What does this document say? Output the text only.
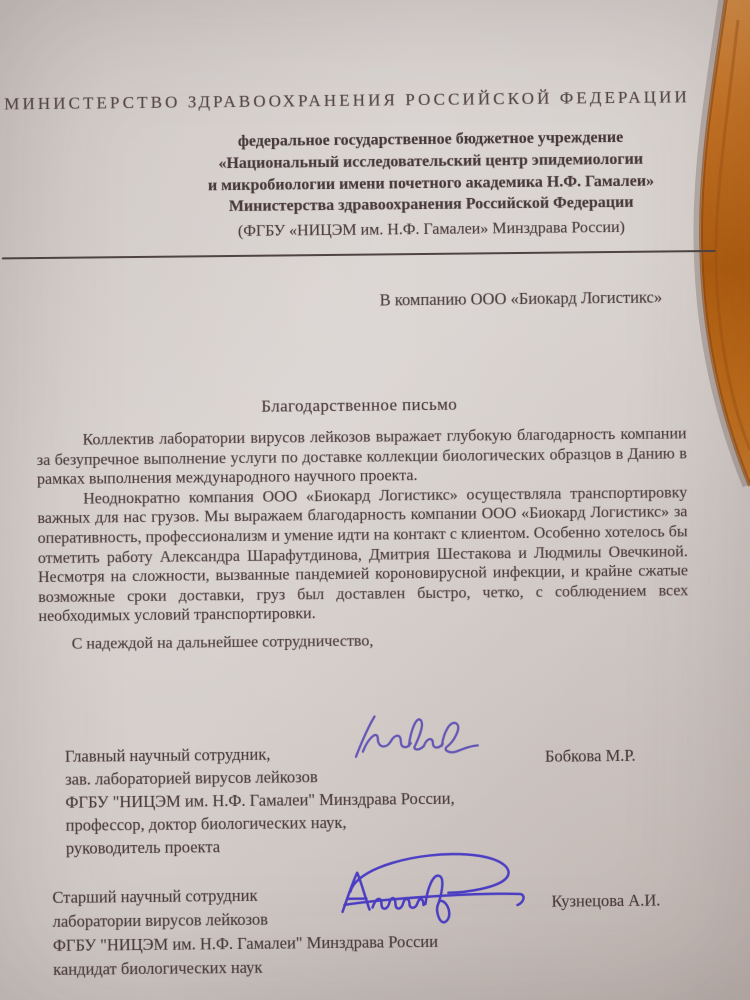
МИНИСТЕРСТВО ЗДРАВООХРАНЕНИЯ РОССИЙСКОЙ ФЕДЕРАЦИИ
федеральное государственное бюджетное учреждение
«Национальный исследовательский центр эпидемиологии
и микробиологии имени почетного академика Н.Ф. Гамалеи»
Министерства здравоохранения Российской Федерации
(ФГБУ «НИЦЭМ им. Н.Ф. Гамалеи» Минздрава России)
В компанию ООО «Биокард Логистикс»
Благодарственное письмо

Коллектив лаборатории вирусов лейкозов выражает глубокую благодарность компании за безупречное выполнение услуги по доставке коллекции биологических образцов в Данию в рамках выполнения международного научного проекта.

Неоднократно компания ООО «Биокард Логистикс» осуществляла транспортировку важных для нас грузов. Мы выражаем благодарность компании ООО «Биокард Логистикс» за оперативность, профессионализм и умение идти на контакт с клиентом. Особенно хотелось бы отметить работу Александра Шарафутдинова, Дмитрия Шестакова и Людмилы Овечкиной. Несмотря на сложности, вызванные пандемией короновирусной инфекции, и крайне сжатые возможные сроки доставки, груз был доставлен быстро, четко, с соблюдением всех необходимых условий транспортировки.

С надеждой на дальнейшее сотрудничество,
Главный научный сотрудник,
зав. лабораторией вирусов лейкозов
ФГБУ "НИЦЭМ им. Н.Ф. Гамалеи" Минздрава России,
профессор, доктор биологических наук,
руководитель проекта
Бобкова М.Р.
Старший научный сотрудник
лаборатории вирусов лейкозов
ФГБУ "НИЦЭМ им. Н.Ф. Гамалеи" Минздрава России
кандидат биологических наук
Кузнецова А.И.
